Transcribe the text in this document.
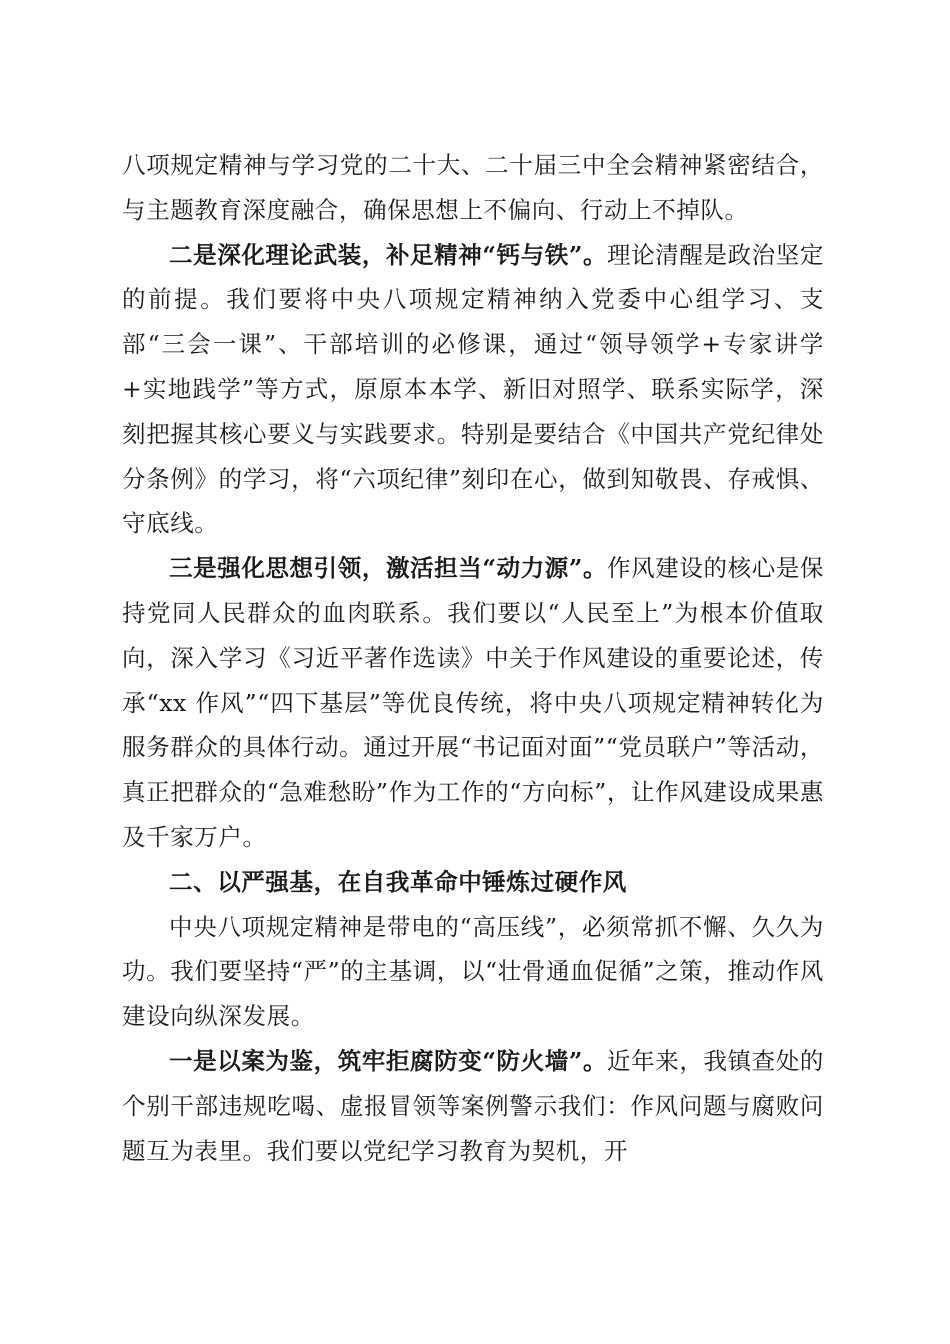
八项规定精神与学习党的二十大、二十届三中全会精神紧密结合，与主题教育深度融合，确保思想上不偏向、行动上不掉队。

二是深化理论武装，补足精神“钙与铁”。理论清醒是政治坚定的前提。我们要将中央八项规定精神纳入党委中心组学习、支部“三会一课”、干部培训的必修课，通过“领导领学+专家讲学+实地践学”等方式，原原本本学、新旧对照学、联系实际学，深刻把握其核心要义与实践要求。特别是要结合《中国共产党纪律处分条例》的学习，将“六项纪律”刻印在心，做到知敬畏、存戒惧、守底线。

三是强化思想引领，激活担当“动力源”。作风建设的核心是保持党同人民群众的血肉联系。我们要以“人民至上”为根本价值取向，深入学习《习近平著作选读》中关于作风建设的重要论述，传承“xx 作风”“四下基层”等优良传统，将中央八项规定精神转化为服务群众的具体行动。通过开展“书记面对面”“党员联户”等活动，真正把群众的“急难愁盼”作为工作的“方向标”，让作风建设成果惠及千家万户。

二、以严强基，在自我革命中锤炼过硬作风

中央八项规定精神是带电的“高压线”，必须常抓不懈、久久为功。我们要坚持“严”的主基调，以“壮骨通血促循”之策，推动作风建设向纵深发展。

一是以案为鉴，筑牢拒腐防变“防火墙”。近年来，我镇查处的个别干部违规吃喝、虚报冒领等案例警示我们：作风问题与腐败问题互为表里。我们要以党纪学习教育为契机，开
